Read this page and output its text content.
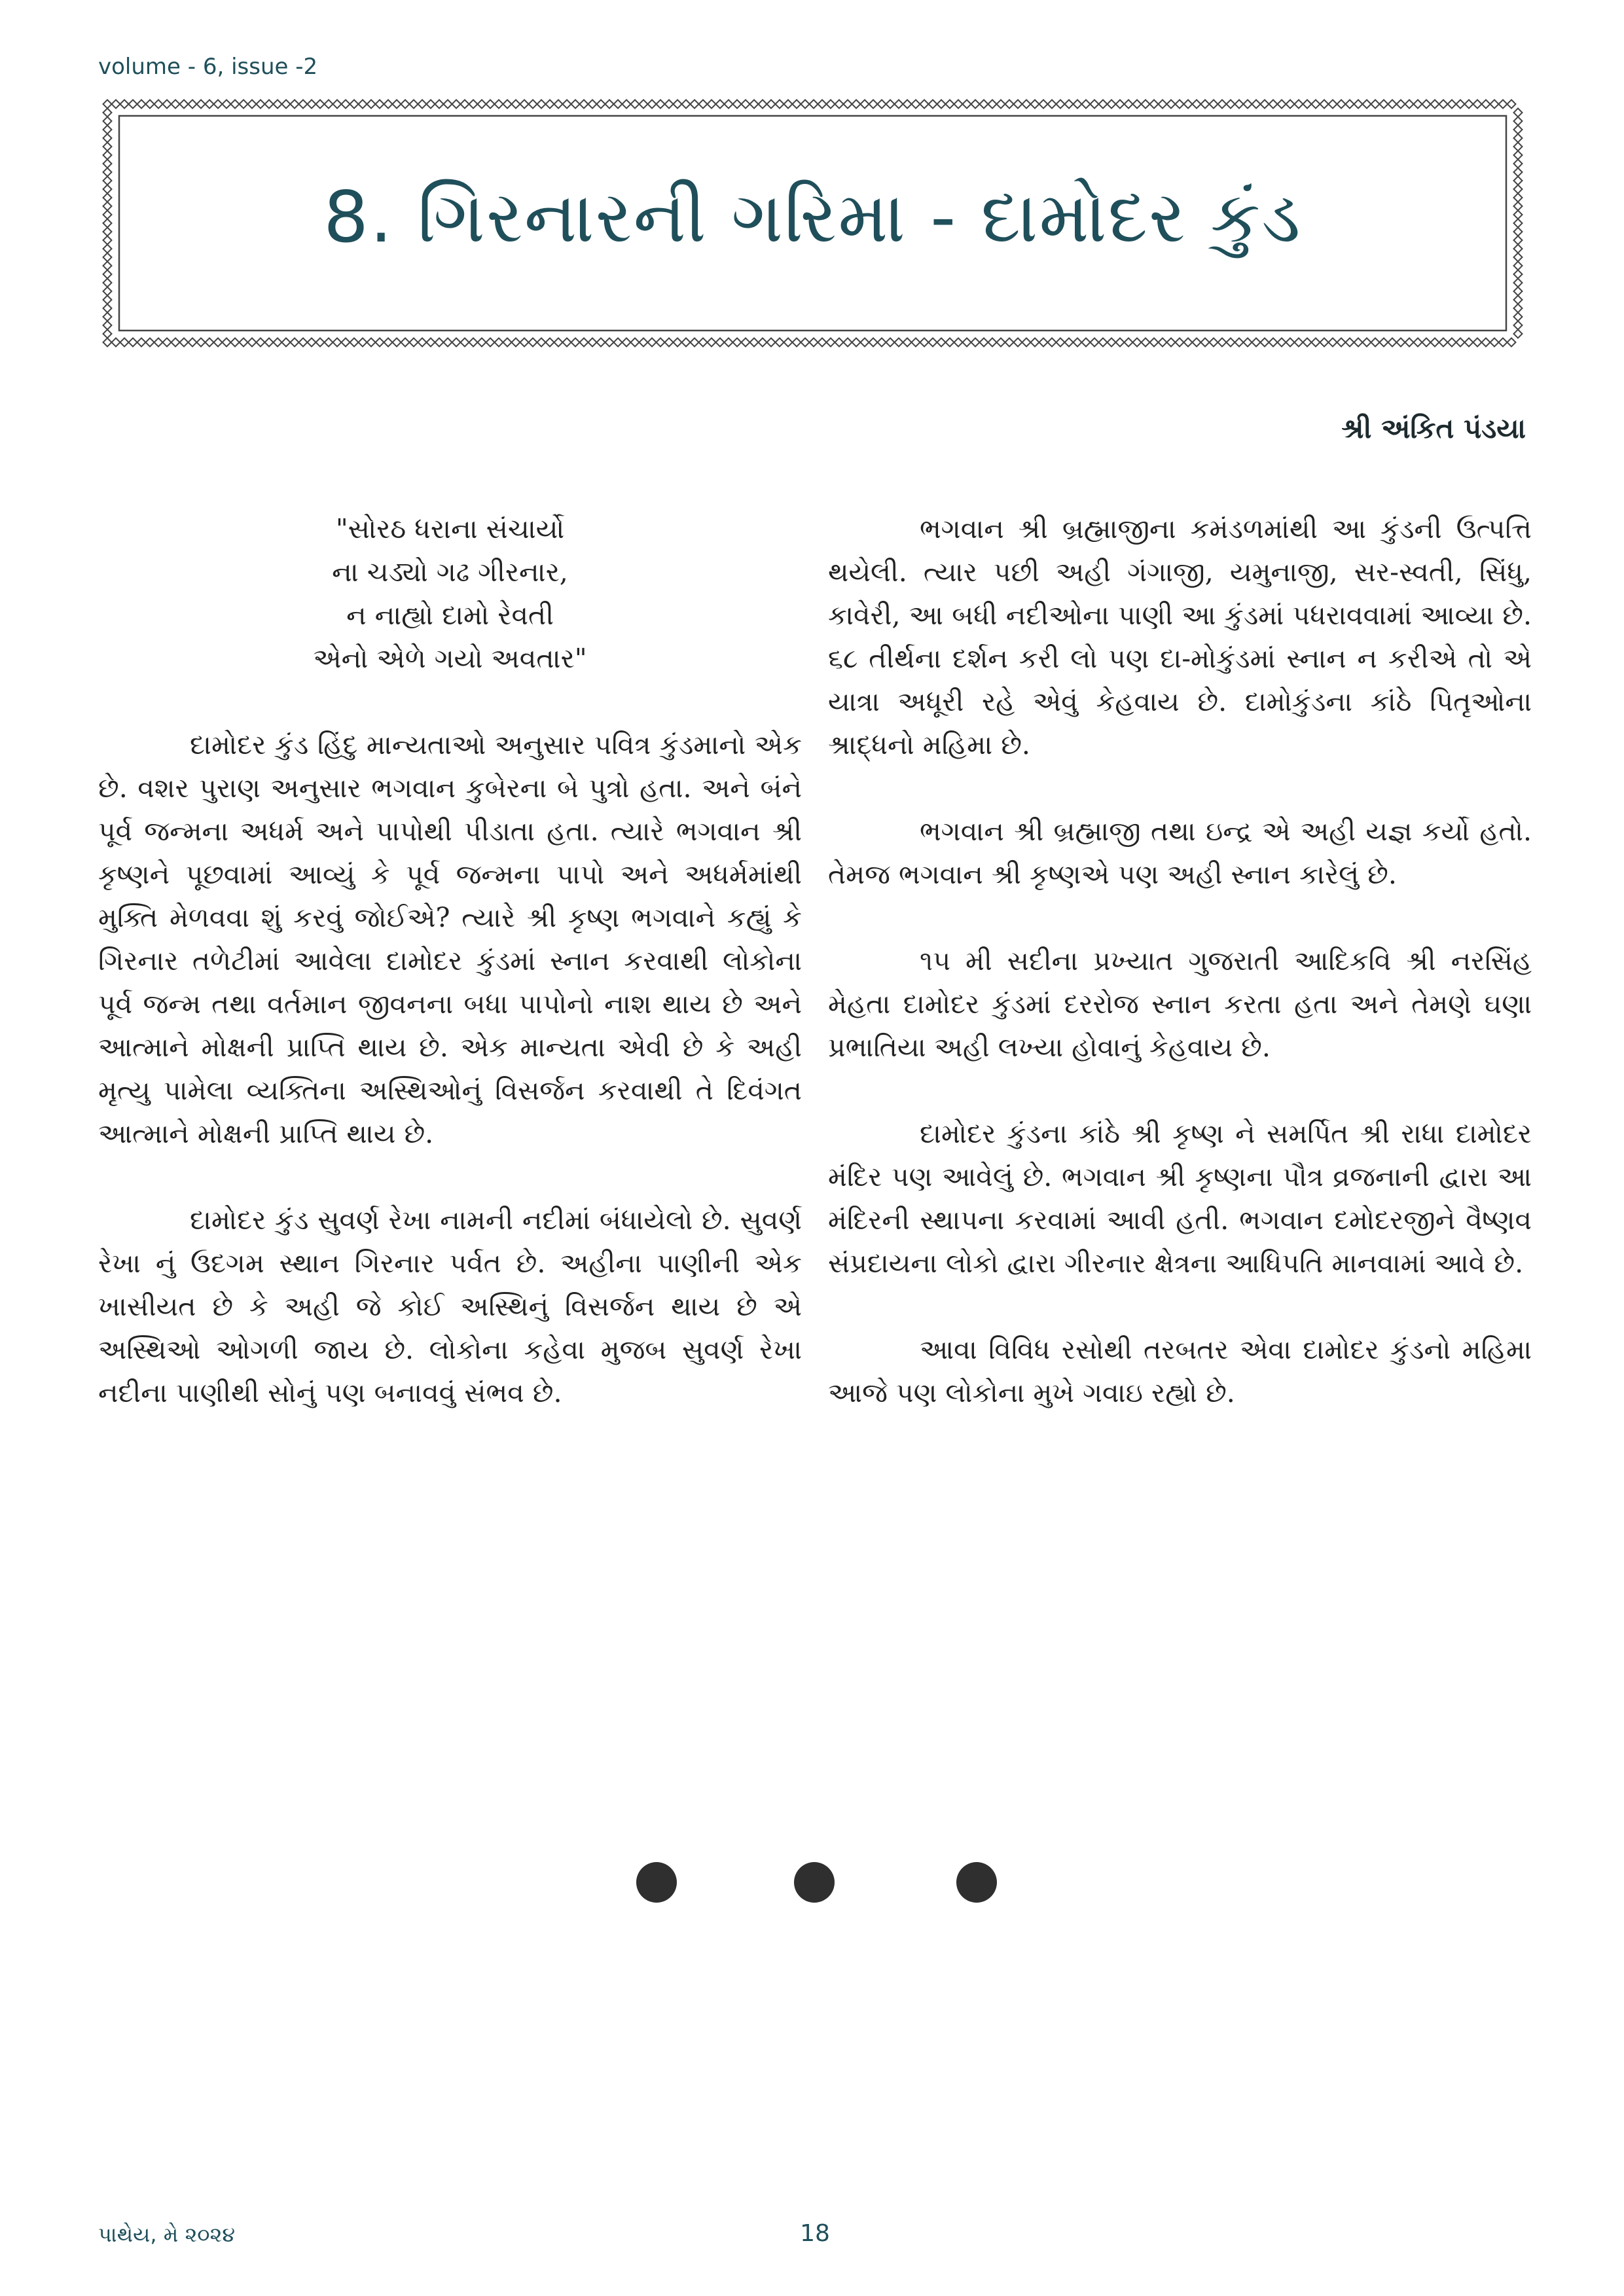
volume - 6, issue -2
8. ગિરનારની ગરિમા - દામોદર કુંડ
શ્રી અંકિત પંડયા
"સોરઠ ધરાના સંચાર્યો
ના ચડ્યો ગઢ ગીરનાર,
ન નાહ્યો દામો રેવતી
એનો એળે ગયો અવતાર"

દામોદર કુંડ હિંદુ માન્યતાઓ અનુસાર પવિત્ર કુંડમાનો એક છે. વશર પુરાણ અનુસાર ભગવાન કુબેરના બે પુત્રો હતા. અને બંને પૂર્વ જન્મના અધર્મ અને પાપોથી પીડાતા હતા. ત્યારે ભગવાન શ્રી કૃષ્ણને પૂછવામાં આવ્યું કે પૂર્વ જન્મના પાપો અને અધર્મમાંથી મુક્તિ મેળવવા શું કરવું જોઈએ? ત્યારે શ્રી કૃષ્ણ ભગવાને કહ્યું કે ગિરનાર તળેટીમાં આવેલા દામોદર કુંડમાં સ્નાન કરવાથી લોકોના પૂર્વ જન્મ તથા વર્તમાન જીવનના બધા પાપોનો નાશ થાય છે અને આત્માને મોક્ષની પ્રાપ્તિ થાય છે. એક માન્યતા એવી છે કે અહી મૃત્યુ પામેલા વ્યક્તિના અસ્થિઓનું વિસર્જન કરવાથી તે દિવંગત આત્માને મોક્ષની પ્રાપ્તિ થાય છે.

દામોદર કુંડ સુવર્ણ રેખા નામની નદીમાં બંધાયેલો છે. સુવર્ણ રેખા નું ઉદગમ સ્થાન ગિરનાર પર્વત છે. અહીના પાણીની એક ખાસીયત છે કે અહી જે કોઈ અસ્થિનું વિસર્જન થાય છે એ અસ્થિઓ ઓગળી જાય છે. લોકોના કહેવા મુજબ સુવર્ણ રેખા નદીના પાણીથી સોનું પણ બનાવવું સંભવ છે.

ભગવાન શ્રી બ્રહ્માજીના કમંડળમાંથી આ કુંડની ઉત્પત્તિ થયેલી. ત્યાર પછી અહી ગંગાજી, યમુનાજી, સર-સ્વતી, સિંધુ, કાવેરી, આ બધી નદીઓના પાણી આ કુંડમાં પધરાવવામાં આવ્યા છે. ૬૮ તીર્થના દર્શન કરી લો પણ દા-મોકુંડમાં સ્નાન ન કરીએ તો એ યાત્રા અધૂરી રહે એવું કેહવાય છે. દામોકુંડના કાંઠે પિતૃઓના શ્રાદ્ધનો મહિમા છે.

ભગવાન શ્રી બ્રહ્માજી તથા ઇન્દ્ર એ અહી યજ્ઞ કર્યો હતો. તેમજ ભગવાન શ્રી કૃષ્ણએ પણ અહી સ્નાન કારેલું છે.

૧૫ મી સદીના પ્રખ્યાત ગુજરાતી આદિકવિ શ્રી નરસિંહ મેહતા દામોદર કુંડમાં દરરોજ સ્નાન કરતા હતા અને તેમણે ઘણા પ્રભાતિયા અહી લખ્યા હોવાનું કેહવાય છે.

દામોદર કુંડના કાંઠે શ્રી કૃષ્ણ ને સમર્પિત શ્રી રાધા દામોદર મંદિર પણ આવેલું છે. ભગવાન શ્રી કૃષ્ણના પૌત્ર વ્રજનાની દ્વારા આ મંદિરની સ્થાપના કરવામાં આવી હતી. ભગવાન દમોદરજીને વૈષ્ણવ સંપ્રદાયના લોકો દ્વારા ગીરનાર ક્ષેત્રના આધિપતિ માનવામાં આવે છે.

આવા વિવિધ રસોથી તરબતર એવા દામોદર કુંડનો મહિમા આજે પણ લોકોના મુખે ગવાઇ રહ્યો છે.

પાથેય, મે ૨૦૨૪	18
